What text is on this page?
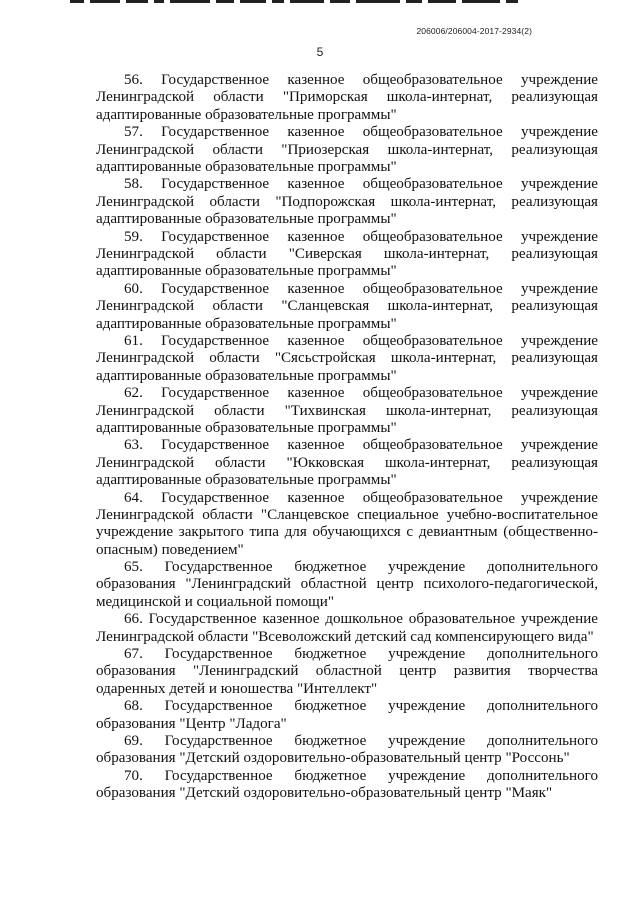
206006/206004-2017-2934(2)
5
56. Государственное казенное общеобразовательное учреждение
Ленинградской области "Приморская школа-интернат, реализующая
адаптированные образовательные программы"
57. Государственное казенное общеобразовательное учреждение
Ленинградской области "Приозерская школа-интернат, реализующая
адаптированные образовательные программы"
58. Государственное казенное общеобразовательное учреждение
Ленинградской области "Подпорожская школа-интернат, реализующая
адаптированные образовательные программы"
59. Государственное казенное общеобразовательное учреждение
Ленинградской области "Сиверская школа-интернат, реализующая
адаптированные образовательные программы"
60. Государственное казенное общеобразовательное учреждение
Ленинградской области "Сланцевская школа-интернат, реализующая
адаптированные образовательные программы"
61. Государственное казенное общеобразовательное учреждение
Ленинградской области "Сясьстройская школа-интернат, реализующая
адаптированные образовательные программы"
62. Государственное казенное общеобразовательное учреждение
Ленинградской области "Тихвинская школа-интернат, реализующая
адаптированные образовательные программы"
63. Государственное казенное общеобразовательное учреждение
Ленинградской области "Юкковская школа-интернат, реализующая
адаптированные образовательные программы"
64. Государственное казенное общеобразовательное учреждение
Ленинградской области "Сланцевское специальное учебно-воспитательное
учреждение закрытого типа для обучающихся с девиантным (общественно-
опасным) поведением"
65. Государственное бюджетное учреждение дополнительного
образования "Ленинградский областной центр психолого-педагогической,
медицинской и социальной помощи"
66. Государственное казенное дошкольное образовательное учреждение
Ленинградской области "Всеволожский детский сад компенсирующего вида"
67. Государственное бюджетное учреждение дополнительного
образования "Ленинградский областной центр развития творчества
одаренных детей и юношества "Интеллект"
68. Государственное бюджетное учреждение дополнительного
образования "Центр "Ладога"
69. Государственное бюджетное учреждение дополнительного
образования "Детский оздоровительно-образовательный центр "Россонь"
70. Государственное бюджетное учреждение дополнительного
образования "Детский оздоровительно-образовательный центр "Маяк"
